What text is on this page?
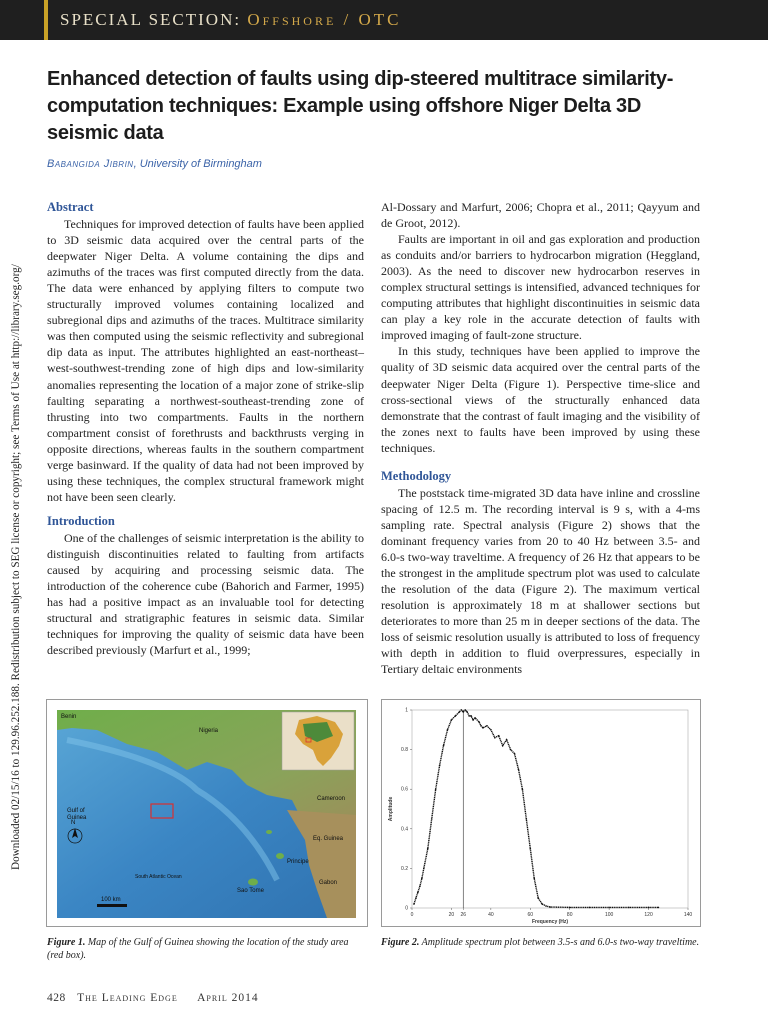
SPECIAL SECTION: Offshore / OTC
Downloaded 02/15/16 to 129.96.252.188. Redistribution subject to SEG license or copyright; see Terms of Use at http://library.seg.org/
Enhanced detection of faults using dip-steered multitrace similarity-computation techniques: Example using offshore Niger Delta 3D seismic data
Babangida Jibrin, University of Birmingham
Abstract

Techniques for improved detection of faults have been applied to 3D seismic data acquired over the central parts of the deepwater Niger Delta. A volume containing the dips and azimuths of the traces was first computed directly from the data. The data were enhanced by applying filters to compute two structurally improved volumes containing localized and subregional dips and azimuths of the traces. Multitrace similarity was then computed using the seismic reflectivity and subregional dip data as input. The attributes highlighted an east-northeast–west-southwest-trending zone of high dips and low-similarity anomalies representing the location of a major zone of strike-slip faulting separating a northwest-southeast-trending zone of thrusting into two compartments. Faults in the northern compartment consist of forethrusts and backthrusts verging in opposite directions, whereas faults in the southern compartment verge basinward. If the quality of data had not been improved by using these techniques, the complex structural framework might not have been seen clearly.

Introduction

One of the challenges of seismic interpretation is the ability to distinguish discontinuities related to faulting from artifacts caused by acquiring and processing seismic data. The introduction of the coherence cube (Bahorich and Farmer, 1995) has had a positive impact as an invaluable tool for detecting structural and stratigraphic features in seismic data. Similar techniques for improving the quality of seismic data have been described previously (Marfurt et al., 1999;

Al-Dossary and Marfurt, 2006; Chopra et al., 2011; Qayyum and de Groot, 2012).

Faults are important in oil and gas exploration and production as conduits and/or barriers to hydrocarbon migration (Heggland, 2003). As the need to discover new hydrocarbon reserves in complex structural settings is intensified, advanced techniques for computing attributes that highlight discontinuities in seismic data can play a key role in the accurate detection of faults with improved imaging of fault-zone structure.

In this study, techniques have been applied to improve the quality of 3D seismic data acquired over the central parts of the deepwater Niger Delta (Figure 1). Perspective time-slice and cross-sectional views of the structurally enhanced data demonstrate that the contrast of fault imaging and the visibility of the zones next to faults have been improved by using these techniques.

Methodology

The poststack time-migrated 3D data have inline and crossline spacing of 12.5 m. The recording interval is 9 s, with a 4-ms sampling rate. Spectral analysis (Figure 2) shows that the dominant frequency varies from 20 to 40 Hz between 3.5- and 6.0-s two-way traveltime. A frequency of 26 Hz that appears to be the strongest in the amplitude spectrum plot was used to calculate the resolution of the data (Figure 2). The maximum vertical resolution is approximately 18 m at shallower sections but deteriorates to more than 25 m in deeper sections of the data. The loss of seismic resolution usually is attributed to loss of frequency with depth in addition to fluid overpressures, especially in Tertiary deltaic environments

Benin
Nigeria
Gulf of
Guinea
Cameroon
Eq. Guinea
Principe
Sao Tome
Gabon
South Atlantic Ocean
N
100 km
Figure 1. Map of the Gulf of Guinea showing the location of the study area (red box).
0	20 26	40	60	80	100	120	140
0
0.2
0.4
0.6
0.8
1
Frequency (Hz)
Amplitude
Figure 2. Amplitude spectrum plot between 3.5-s and 6.0-s two-way traveltime.
428 The Leading Edge April 2014
